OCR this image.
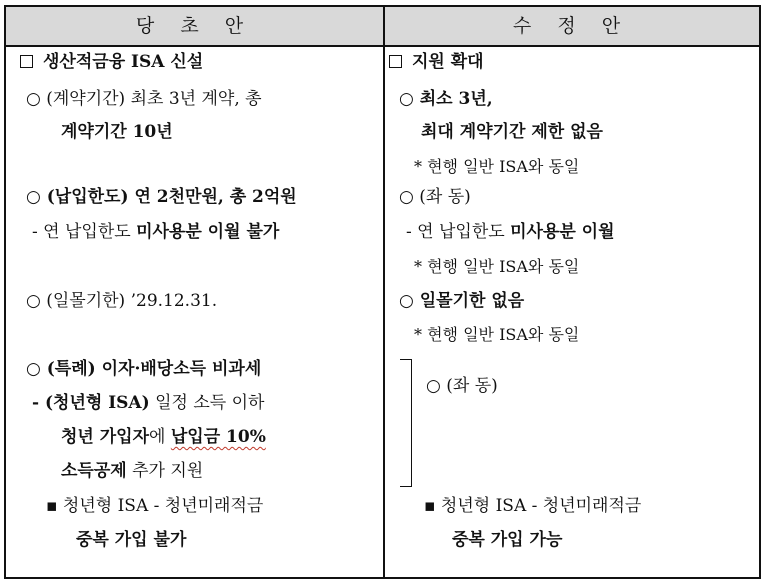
당 초 안	수 정 안
생산적금융 ISA 신설
○ (계약기간) 최초 3년 계약, 총
계약기간 10년
○ (납입한도) 연 2천만원, 총 2억원
- 연 납입한도 미사용분 이월 불가
○ (일몰기한) ’29.12.31.
○ (특례) 이자·배당소득 비과세
- (청년형 ISA) 일정 소득 이하
청년 가입자에 납입금 10%
소득공제 추가 지원
▪ 청년형 ISA - 청년미래적금
중복 가입 불가
지원 확대
○ 최소 3년,
최대 계약기간 제한 없음
* 현행 일반 ISA와 동일
○ (좌 동)
- 연 납입한도 미사용분 이월
* 현행 일반 ISA와 동일
○ 일몰기한 없음
* 현행 일반 ISA와 동일
○ (좌 동)
▪ 청년형 ISA - 청년미래적금
중복 가입 가능
